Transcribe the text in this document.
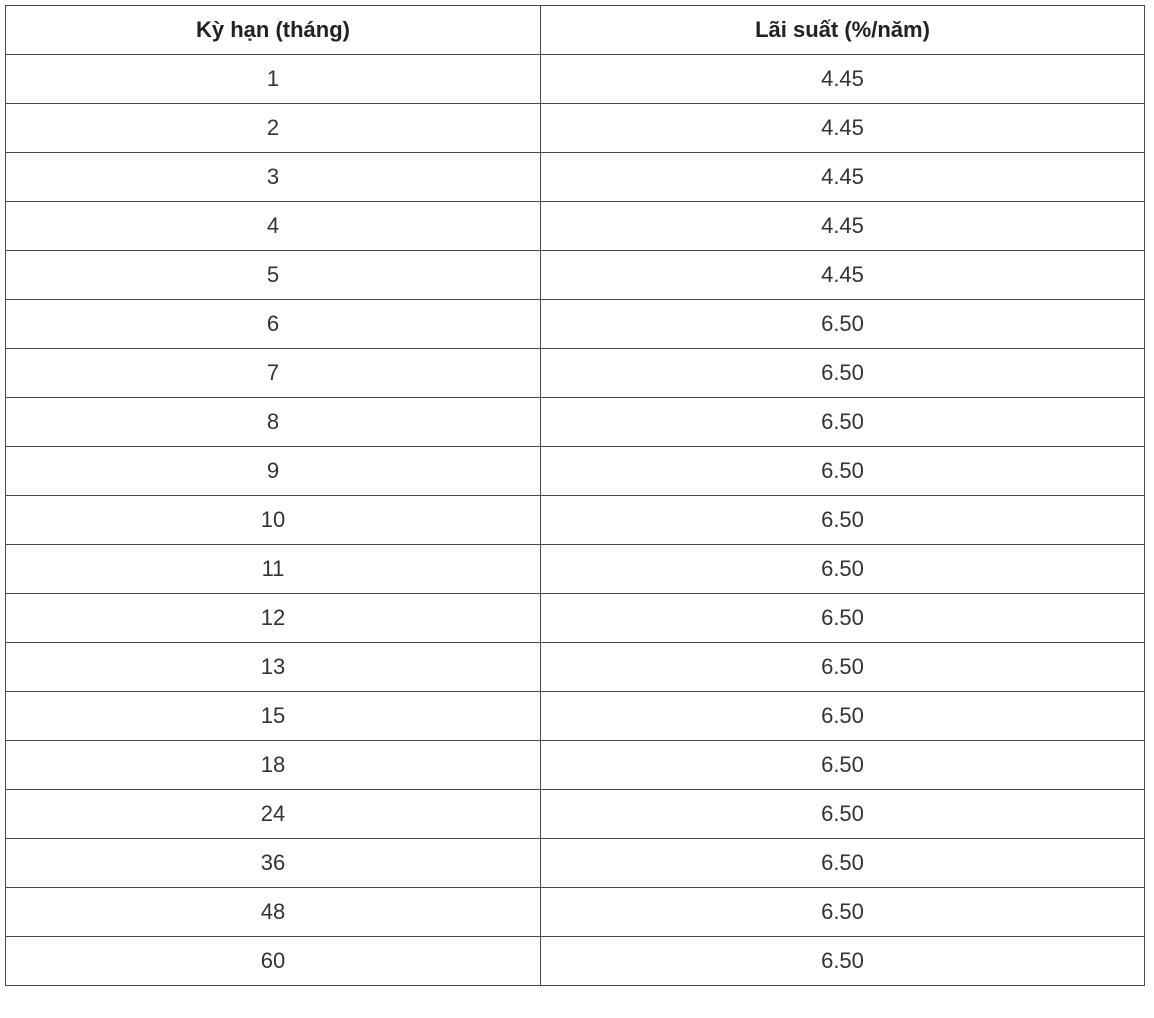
Kỳ hạn (tháng)	Lãi suất (%/năm)
1	4.45
2	4.45
3	4.45
4	4.45
5	4.45
6	6.50
7	6.50
8	6.50
9	6.50
10	6.50
11	6.50
12	6.50
13	6.50
15	6.50
18	6.50
24	6.50
36	6.50
48	6.50
60	6.50
